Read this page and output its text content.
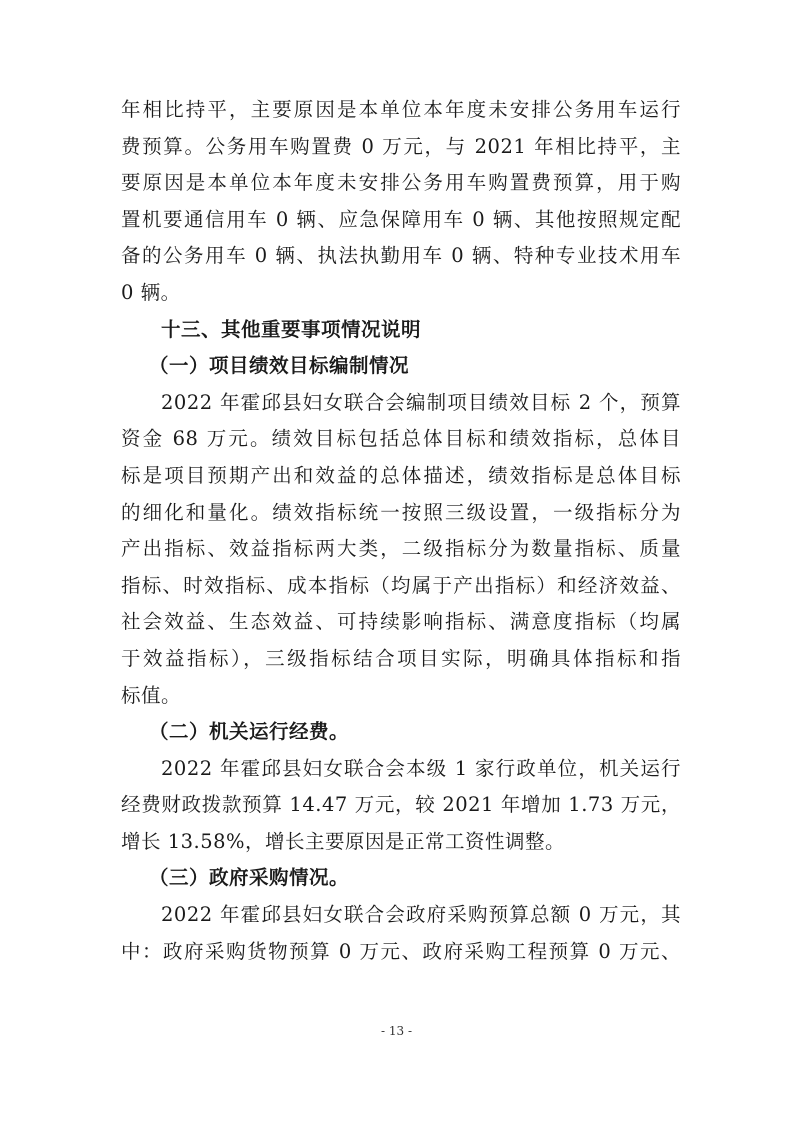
年相比持平，主要原因是本单位本年度未安排公务用车运行
费预算。公务用车购置费 0 万元，与 2021 年相比持平，主
要原因是本单位本年度未安排公务用车购置费预算，用于购
置机要通信用车 0 辆、应急保障用车 0 辆、其他按照规定配
备的公务用车 0 辆、执法执勤用车 0 辆、特种专业技术用车
0 辆。
十三、其他重要事项情况说明
（一）项目绩效目标编制情况
2022 年霍邱县妇女联合会编制项目绩效目标 2 个，预算
资金 68 万元。绩效目标包括总体目标和绩效指标，总体目
标是项目预期产出和效益的总体描述，绩效指标是总体目标
的细化和量化。绩效指标统一按照三级设置，一级指标分为
产出指标、效益指标两大类，二级指标分为数量指标、质量
指标、时效指标、成本指标（均属于产出指标）和经济效益、
社会效益、生态效益、可持续影响指标、满意度指标（均属
于效益指标），三级指标结合项目实际，明确具体指标和指
标值。
（二）机关运行经费。
2022 年霍邱县妇女联合会本级 1 家行政单位，机关运行
经费财政拨款预算 14.47 万元，较 2021 年增加 1.73 万元，
增长 13.58%，增长主要原因是正常工资性调整。
（三）政府采购情况。
2022 年霍邱县妇女联合会政府采购预算总额 0 万元，其
中：政府采购货物预算 0 万元、政府采购工程预算 0 万元、
- 13 -
